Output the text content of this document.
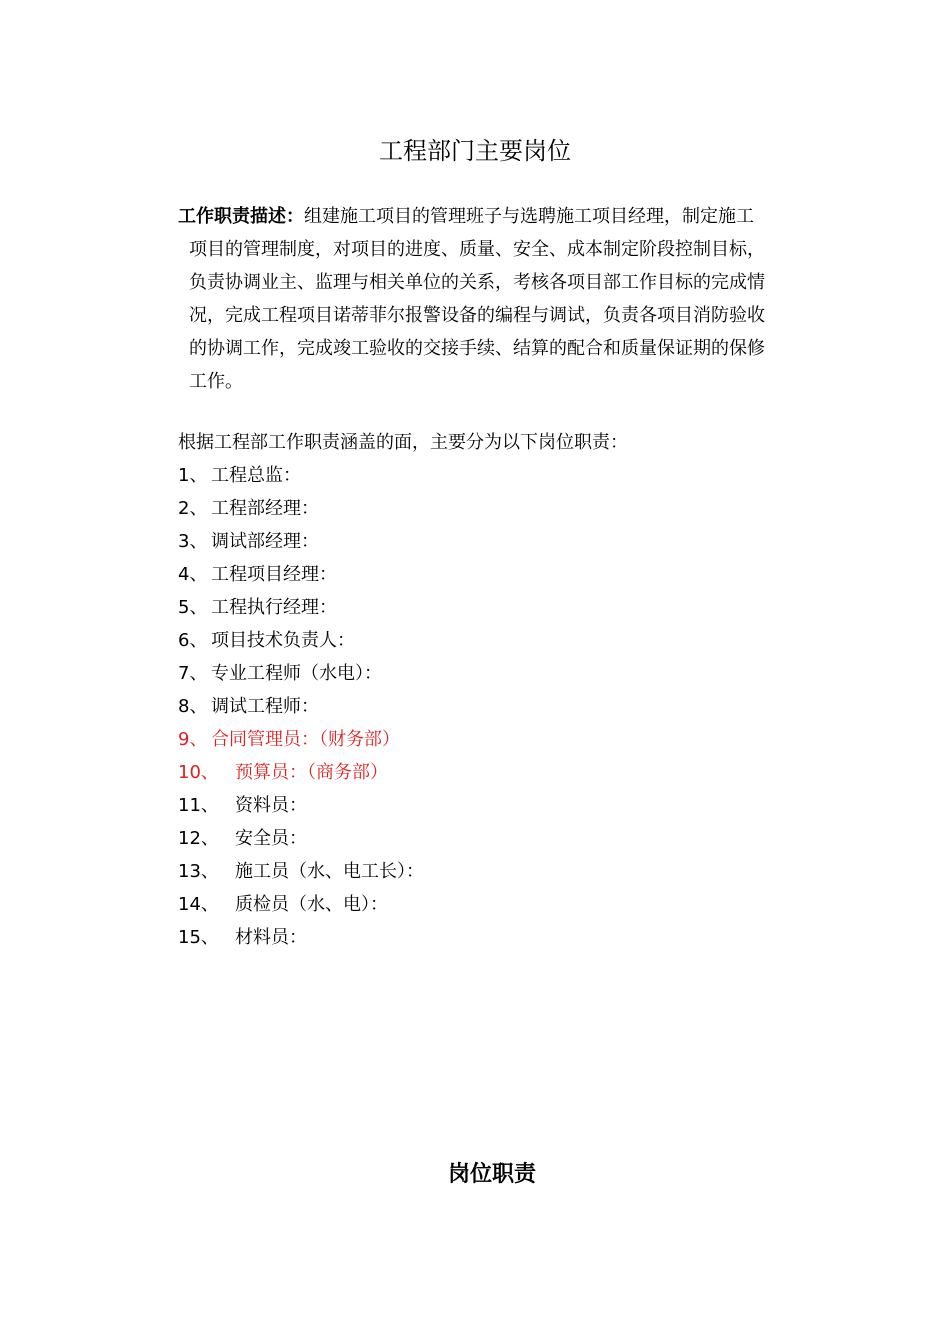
工程部门主要岗位
工作职责描述：组建施工项目的管理班子与选聘施工项目经理，制定施工
项目的管理制度，对项目的进度、质量、安全、成本制定阶段控制目标，
负责协调业主、监理与相关单位的关系，考核各项目部工作目标的完成情
况，完成工程项目诺蒂菲尔报警设备的编程与调试，负责各项目消防验收
的协调工作，完成竣工验收的交接手续、结算的配合和质量保证期的保修
工作。
根据工程部工作职责涵盖的面，主要分为以下岗位职责：
1、 工程总监：
2、 工程部经理：
3、 调试部经理：
4、 工程项目经理：
5、 工程执行经理：
6、 项目技术负责人：
7、 专业工程师（水电）：
8、 调试工程师：
9、 合同管理员：（财务部）
10、 预算员：（商务部）
11、 资料员：
12、 安全员：
13、 施工员（水、电工长）：
14、 质检员（水、电）：
15、 材料员：
岗位职责
